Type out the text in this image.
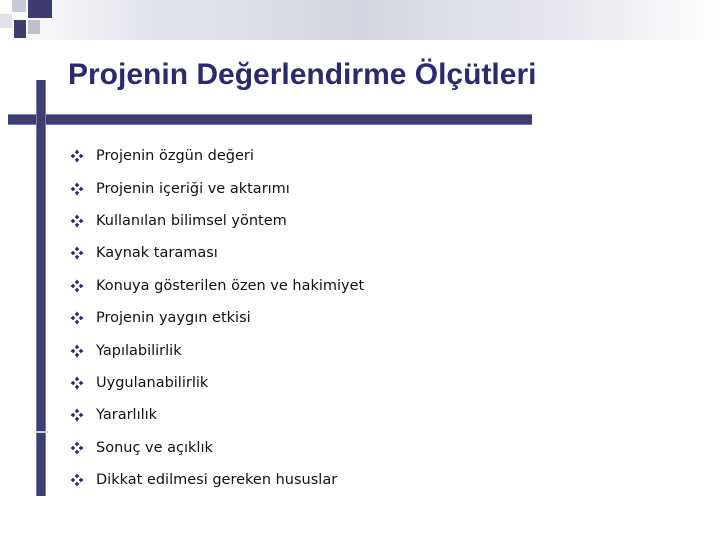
Projenin Değerlendirme Ölçütleri
Projenin özgün değeri
Projenin içeriği ve aktarımı
Kullanılan bilimsel yöntem
Kaynak taraması
Konuya gösterilen özen ve hakimiyet
Projenin yaygın etkisi
Yapılabilirlik
Uygulanabilirlik
Yararlılık
Sonuç ve açıklık
Dikkat edilmesi gereken hususlar
